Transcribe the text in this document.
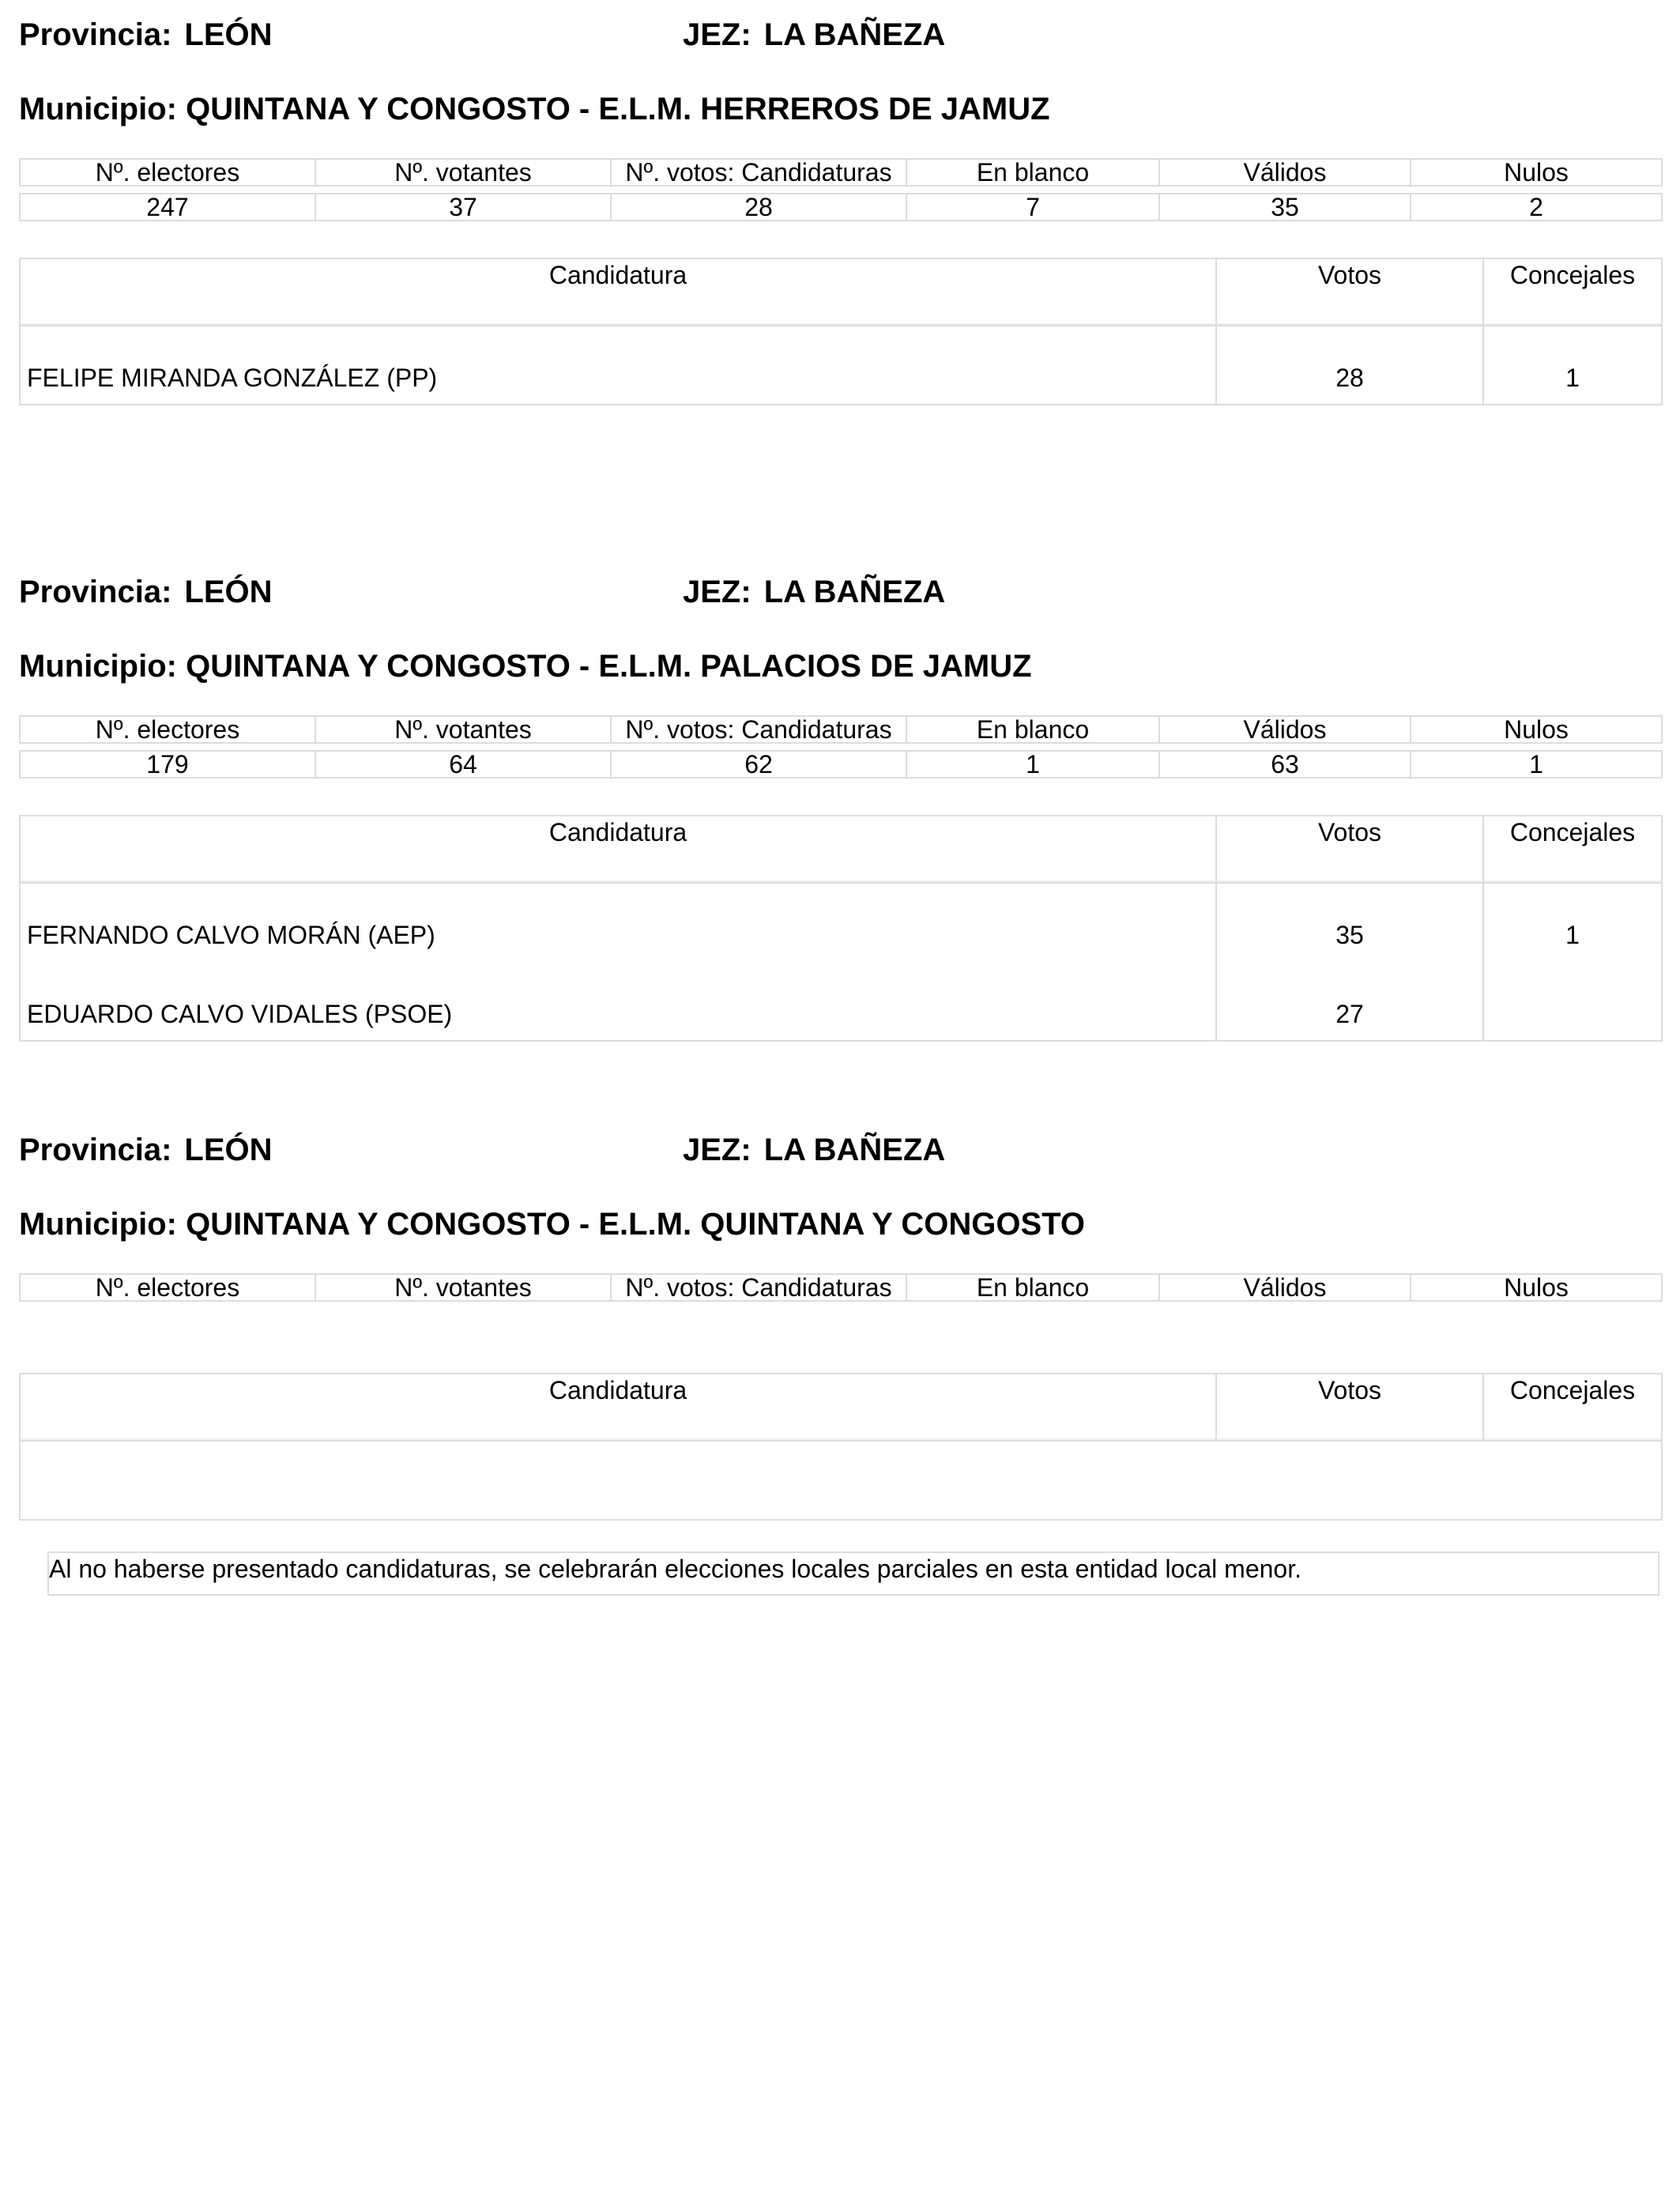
Provincia: LEÓN	JEZ: LA BAÑEZA
Municipio: QUINTANA Y CONGOSTO - E.L.M. HERREROS DE JAMUZ
Nº. electores	Nº. votantes	Nº. votos: Candidaturas	En blanco	Válidos	Nulos

247	37	28	7	35	2
Candidatura	Votos	Concejales
FELIPE MIRANDA GONZÁLEZ (PP)	28	1
Provincia: LEÓN	JEZ: LA BAÑEZA
Municipio: QUINTANA Y CONGOSTO - E.L.M. PALACIOS DE JAMUZ
Nº. electores	Nº. votantes	Nº. votos: Candidaturas	En blanco	Válidos	Nulos

179	64	62	1	63	1
Candidatura	Votos	Concejales
FERNANDO CALVO MORÁN (AEP)	35	1
EDUARDO CALVO VIDALES (PSOE)	27	
Provincia: LEÓN	JEZ: LA BAÑEZA
Municipio: QUINTANA Y CONGOSTO - E.L.M. QUINTANA Y CONGOSTO
Nº. electores	Nº. votantes	Nº. votos: Candidaturas	En blanco	Válidos	Nulos
Candidatura	Votos	Concejales

Al no haberse presentado candidaturas, se celebrarán elecciones locales parciales en esta entidad local menor.
